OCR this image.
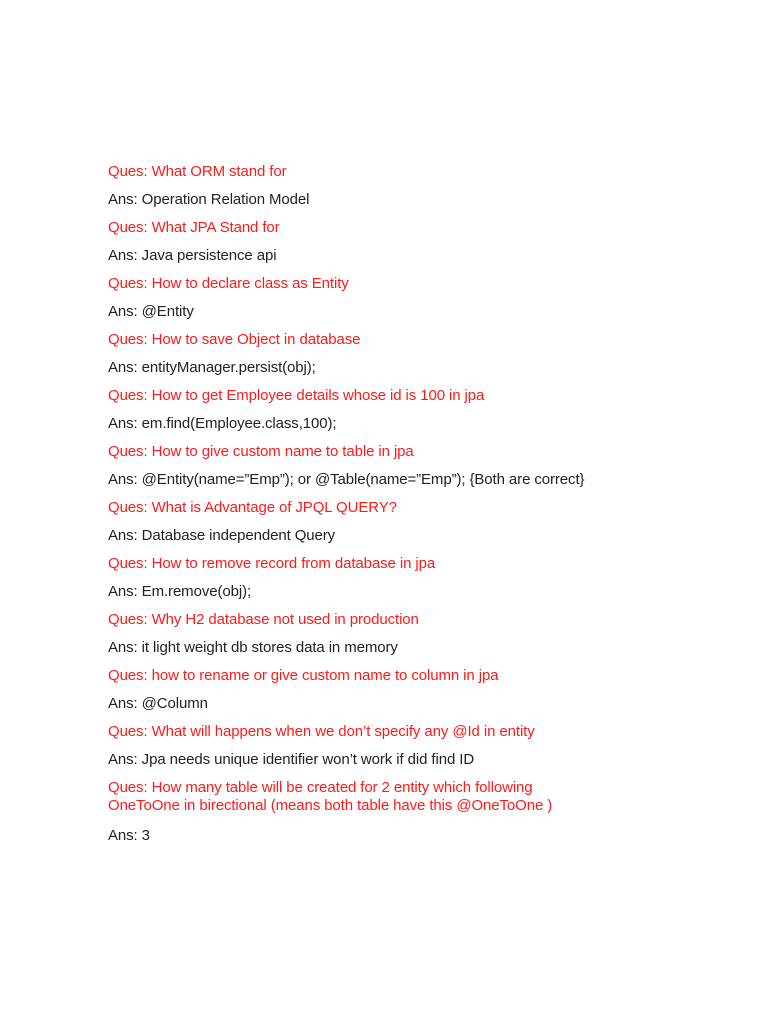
Ques: What ORM stand for

Ans: Operation Relation Model

Ques: What JPA Stand for

Ans: Java persistence api

Ques: How to declare class as Entity

Ans: @Entity

Ques: How to save Object in database

Ans: entityManager.persist(obj);

Ques: How to get Employee details whose id is 100 in jpa

Ans: em.find(Employee.class,100);

Ques: How to give custom name to table in jpa

Ans: @Entity(name=”Emp”); or @Table(name=”Emp”); {Both are correct}

Ques: What is Advantage of JPQL QUERY?

Ans: Database independent Query

Ques: How to remove record from database in jpa

Ans: Em.remove(obj);

Ques: Why H2 database not used in production

Ans: it light weight db stores data in memory

Ques: how to rename or give custom name to column in jpa

Ans: @Column

Ques: What will happens when we don’t specify any @Id in entity

Ans: Jpa needs unique identifier won’t work if did find ID

Ques: How many table will be created for 2 entity which following
OneToOne in birectional (means both table have this @OneToOne )

Ans: 3
